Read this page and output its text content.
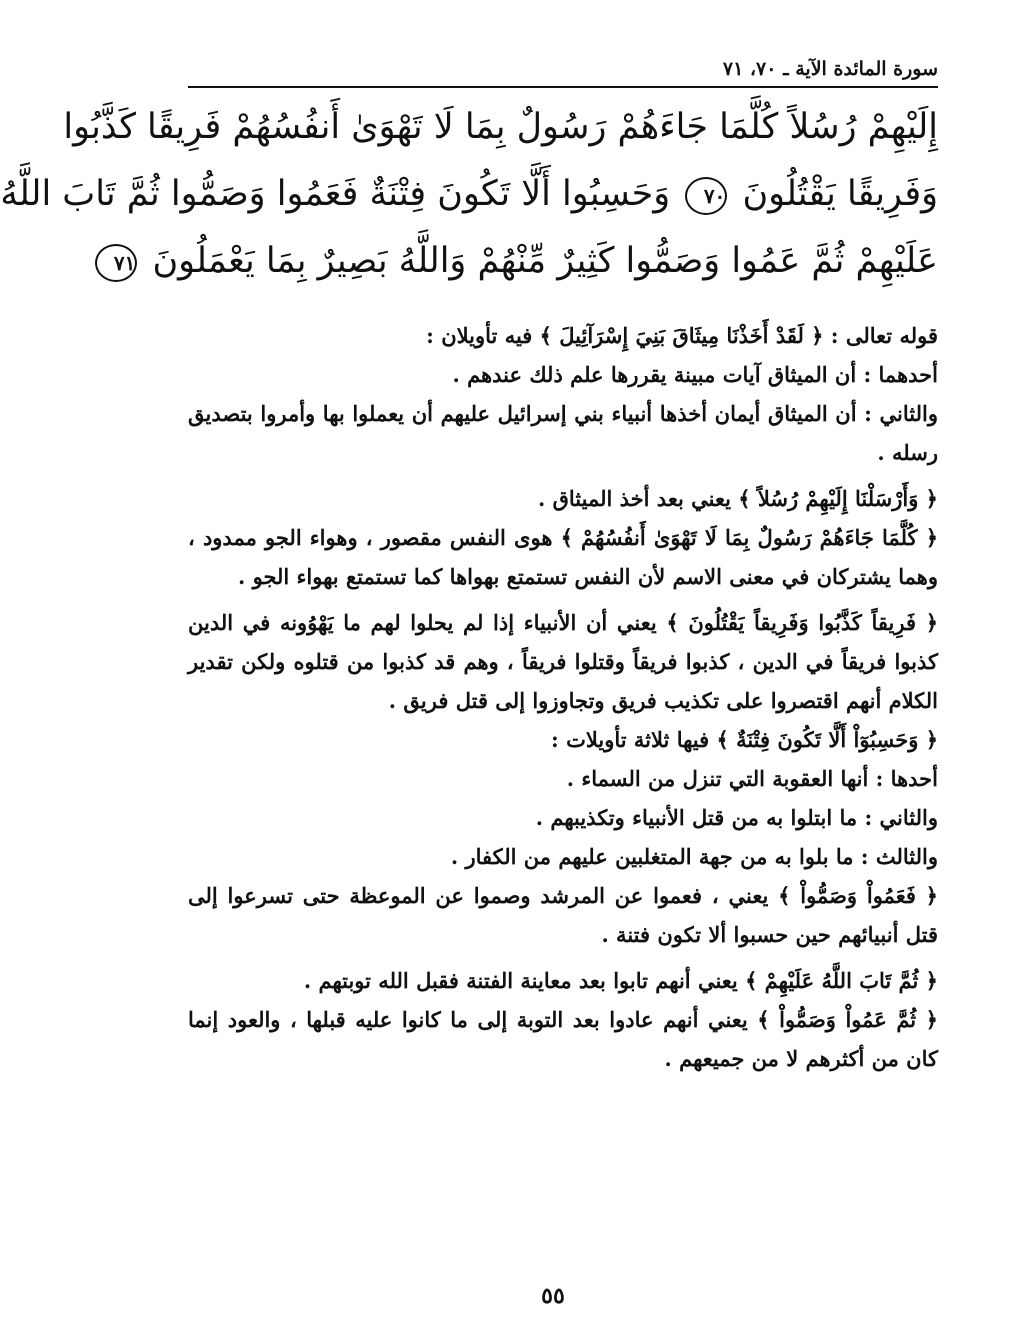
سورة المائدة الآية ـ ٧٠، ٧١
إِلَيْهِمْ رُسُلاً كُلَّمَا جَاءَهُمْ رَسُولٌ بِمَا لَا تَهْوَىٰ أَنفُسُهُمْ فَرِيقًا كَذَّبُوا
وَفَرِيقًا يَقْتُلُونَ ٧٠ وَحَسِبُوا أَلَّا تَكُونَ فِتْنَةٌ فَعَمُوا وَصَمُّوا ثُمَّ تَابَ اللَّهُ
عَلَيْهِمْ ثُمَّ عَمُوا وَصَمُّوا كَثِيرٌ مِّنْهُمْ وَاللَّهُ بَصِيرٌ بِمَا يَعْمَلُونَ ٧١

قوله تعالى : ﴿ لَقَدْ أَخَذْنَا مِيثَاقَ بَنِيَ إِسْرَآئِيلَ ﴾ فيه تأويلان :

أحدهما : أن الميثاق آيات مبينة يقررها علم ذلك عندهم .

والثاني : أن الميثاق أيمان أخذها أنبياء بني إسرائيل عليهم أن يعملوا بها وأمروا بتصديق رسله .

﴿ وَأَرْسَلْنَا إِلَيْهِمْ رُسُلاً ﴾ يعني بعد أخذ الميثاق .

﴿ كُلَّمَا جَاءَهُمْ رَسُولٌ بِمَا لَا تَهْوَىٰ أَنفُسُهُمْ ﴾ هوى النفس مقصور ، وهواء الجو ممدود ، وهما يشتركان في معنى الاسم لأن النفس تستمتع بهواها كما تستمتع بهواء الجو .

﴿ فَرِيقاً كَذَّبُوا وَفَرِيقاً يَقْتُلُونَ ﴾ يعني أن الأنبياء إذا لم يحلوا لهم ما يَهْوُونه في الدين كذبوا فريقاً في الدين ، كذبوا فريقاً وقتلوا فريقاً ، وهم قد كذبوا من قتلوه ولكن تقدير الكلام أنهم اقتصروا على تكذيب فريق وتجاوزوا إلى قتل فريق .

﴿ وَحَسِبُوٓاْ أَلَّا تَكُونَ فِتْنَةٌ ﴾ فيها ثلاثة تأويلات :

أحدها : أنها العقوبة التي تنزل من السماء .

والثاني : ما ابتلوا به من قتل الأنبياء وتكذيبهم .

والثالث : ما بلوا به من جهة المتغلبين عليهم من الكفار .

﴿ فَعَمُواْ وَصَمُّواْ ﴾ يعني ، فعموا عن المرشد وصموا عن الموعظة حتى تسرعوا إلى قتل أنبيائهم حين حسبوا ألا تكون فتنة .

﴿ ثُمَّ تَابَ اللَّهُ عَلَيْهِمْ ﴾ يعني أنهم تابوا بعد معاينة الفتنة فقبل الله توبتهم .

﴿ ثُمَّ عَمُواْ وَصَمُّواْ ﴾ يعني أنهم عادوا بعد التوبة إلى ما كانوا عليه قبلها ، والعود إنما كان من أكثرهم لا من جميعهم .

٥٥
